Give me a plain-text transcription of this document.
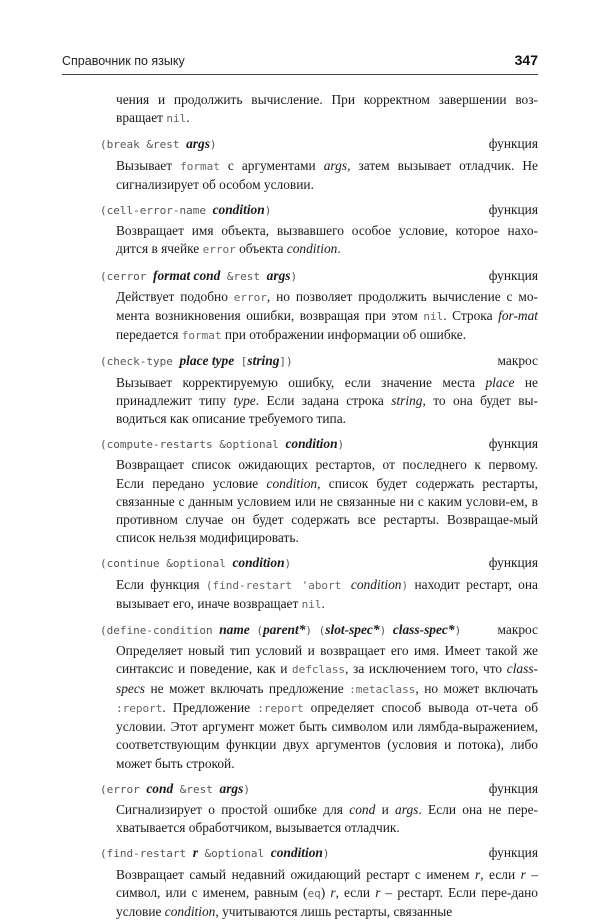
Справочник по языку	347

чения и продолжить вычисление. При корректном завершении воз-вращает nil.

(break &rest args)	функция

Вызывает format с аргументами args, затем вызывает отладчик. Не сигнализирует об особом условии.

(cell-error-name condition)	функция

Возвращает имя объекта, вызвавшего особое условие, которое нахо-дится в ячейке error объекта condition.

(cerror format cond &rest args)	функция

Действует подобно error, но позволяет продолжить вычисление с мо-мента возникновения ошибки, возвращая при этом nil. Строка for-mat передается format при отображении информации об ошибке.

(check-type place type [string])	макрос

Вызывает корректируемую ошибку, если значение места place не принадлежит типу type. Если задана строка string, то она будет вы-водиться как описание требуемого типа.

(compute-restarts &optional condition)	функция

Возвращает список ожидающих рестартов, от последнего к первому. Если передано условие condition, список будет содержать рестарты, связанные с данным условием или не связанные ни с каким услови-ем, в противном случае он будет содержать все рестарты. Возвращае-мый список нельзя модифицировать.

(continue &optional condition)	функция

Если функция (find-restart 'abort condition) находит рестарт, она вызывает его, иначе возвращает nil.

(define-condition name (parent*) (slot-spec*) class-spec*)	макрос

Определяет новый тип условий и возвращает его имя. Имеет такой же синтаксис и поведение, как и defclass, за исключением того, что class-specs не может включать предложение :metaclass, но может включать :report. Предложение :report определяет способ вывода от-чета об условии. Этот аргумент может быть символом или лямбда-выражением, соответствующим функции двух аргументов (условия и потока), либо может быть строкой.

(error cond &rest args)	функция

Сигнализирует о простой ошибке для cond и args. Если она не пере-хватывается обработчиком, вызывается отладчик.

(find-restart r &optional condition)	функция

Возвращает самый недавний ожидающий рестарт с именем r, если r – символ, или с именем, равным (eq) r, если r – рестарт. Если пере-дано условие condition, учитываются лишь рестарты, связанные
